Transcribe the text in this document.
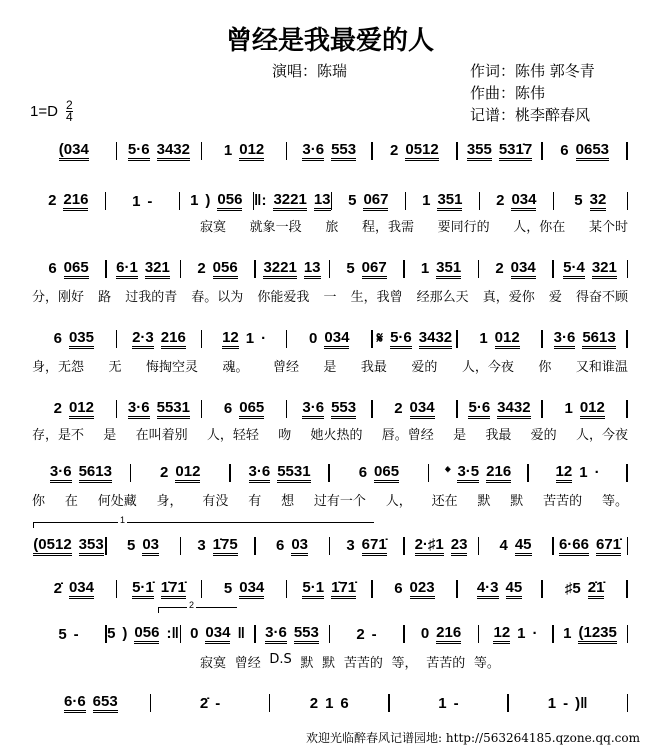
曾经是我最爱的人
演唱：陈瑞	作词：陈伟 郭冬青
作曲：陈伟
记谱：桃李醉春风
$1=D \frac{2}{4}$
1
2
(034	5·6 3432 1 012	3·6 553 2 0512 355 531̇7 6 0653
2 216	1 -	1 ) 056 ‖: 3221 13 5 067 1 351 2 034	5 32
寂寞 就象一段 旅 程，我需 要同行的 人，你在 某个时
6 065 6·1 321 2 056 3221 13 5 067 1 351 2 034 5·4 321
分，刚好 路 过我的青 春。以为 你能爱我 一 生，我曾 经那么天 真，爱你 爱 得奋不顾
6 035	2·3 216 12 1 ·	0 034 𝄋 5·6 3432 1 012 3·6 5613
身，无怨 无 悔掏空灵 魂。 曾经 是 我最 爱的 人，今夜 你 又和谁温
2 012 3·6 5531 6 065	3·6 553	2 034 5·6 3432 1 012
存，是不 是 在叫着别 人，轻轻 吻 她火热的 唇。曾经 是 我最 爱的 人，今夜
3·6 5613	2 012	3·6 5531	6 065	𝄌 3·5 216	12 1 ·
你 在 何处藏 身， 有没 有 想 过有一个 人， 还在 默 默 苦苦的 等。
(0512 353 5 03	3 1̇75	6 03	3 671̇ 2·♯1 23 4 45 6·66 671̇
2̇ 034	5·1̇ 1̇71̇	5 034	5·1 1̇71̇	6 023	4·3 45	♯5 2̇1̇
5 - 5 ) 056 :‖ 0 034 ‖ 3·6 553 2 -	0 216 12 1 · 1 (1235
寂寞 曾经 D.S 默 默 苦苦的 等， 苦苦的 等。
6·6 653	2̇ -	2 1 6	1 -	1 - )‖
欢迎光临醉春风记谱园地: http://563264185.qzone.qq.com
